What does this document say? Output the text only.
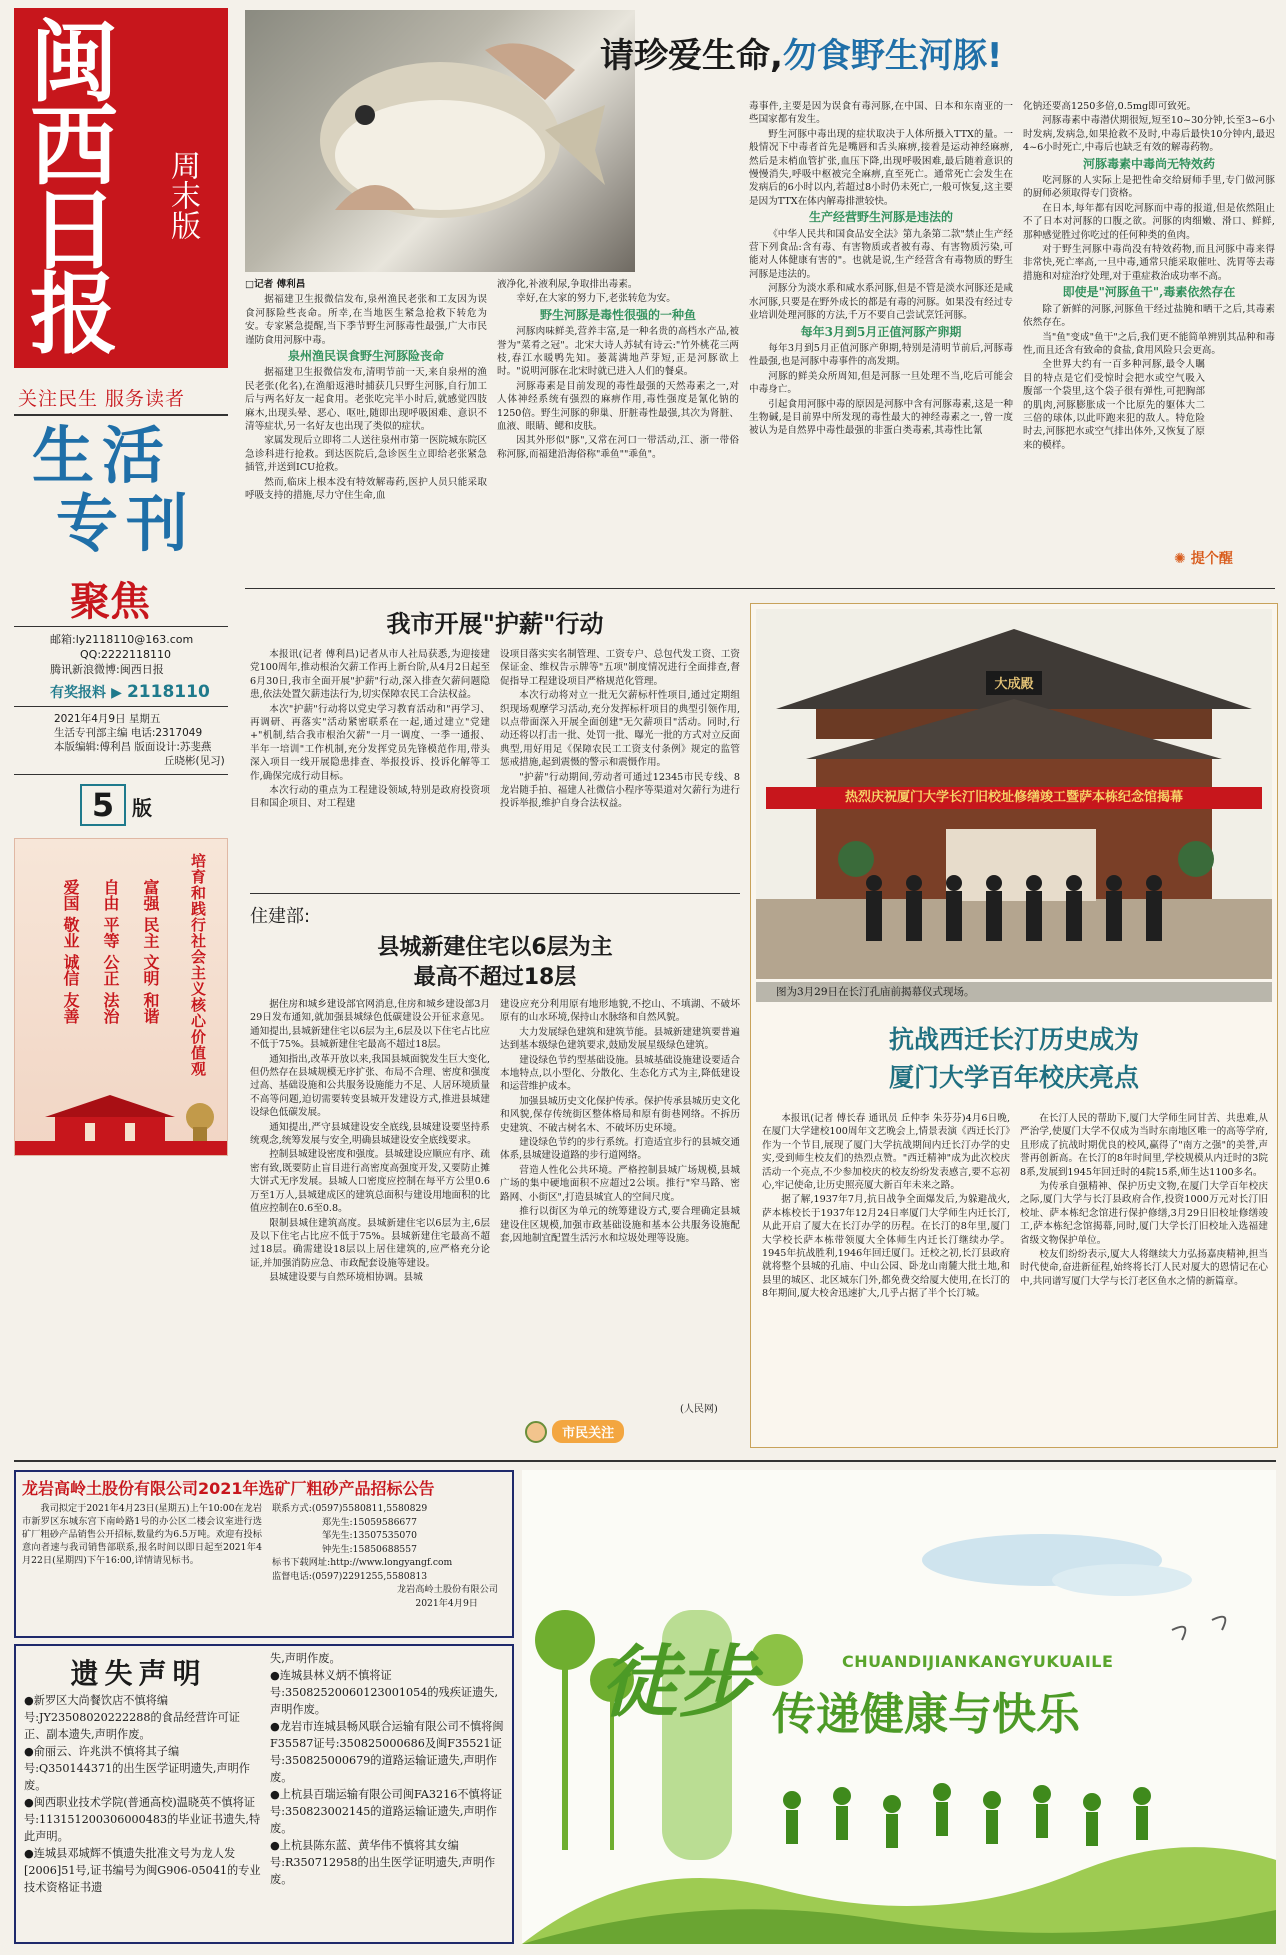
闽
西
日
报
周末版
关注民生 服务读者
生 活
专 刊
聚焦
邮箱:ly2118110@163.com
QQ:2222118110
腾讯新浪微博:闽西日报
有奖报料 ▶ 2118110
2021年4月9日 星期五
生活专刊部主编 电话:2317049
本版编辑:傅利昌 版面设计:苏斐燕
丘晓彬(见习)
5 版
培育和践行社会主义核心价值观
富强 民主 文明 和谐
自由 平等 公正 法治
爱国 敬业 诚信 友善
请珍爱生命,勿食野生河豚!
□记者 傅利昌

据福建卫生报微信发布,泉州渔民老张和工友因为误食河豚险些丧命。所幸,在当地医生紧急抢救下转危为安。专家紧急提醒,当下季节野生河豚毒性最强,广大市民谨防食用河豚中毒。

泉州渔民误食野生河豚险丧命

据福建卫生报微信发布,清明节前一天,来自泉州的渔民老张(化名),在渔船返港时捕获几只野生河豚,自行加工后与两名好友一起食用。老张吃完半小时后,就感觉四肢麻木,出现头晕、恶心、呕吐,随即出现呼吸困难、意识不清等症状,另一名好友也出现了类似的症状。

家属发现后立即将二人送往泉州市第一医院城东院区急诊科进行抢救。到达医院后,急诊医生立即给老张紧急插管,并送到ICU抢救。

然而,临床上根本没有特效解毒药,医护人员只能采取呼吸支持的措施,尽力守住生命,血

液净化,补液利尿,争取排出毒素。

幸好,在大家的努力下,老张转危为安。

野生河豚是毒性很强的一种鱼

河豚肉味鲜美,营养丰富,是一种名贵的高档水产品,被誉为"菜肴之冠"。北宋大诗人苏轼有诗云:"竹外桃花三两枝,春江水暖鸭先知。蒌蒿满地芦芽短,正是河豚欲上时。"说明河豚在北宋时就已进入人们的餐桌。

河豚毒素是目前发现的毒性最强的天然毒素之一,对人体神经系统有强烈的麻痹作用,毒性强度是氰化钠的1250倍。野生河豚的卵巢、肝脏毒性最强,其次为肾脏、血液、眼睛、鳃和皮肤。

因其外形似"豚",又常在河口一带活动,江、浙一带俗称河豚,而福建沿海俗称"乖鱼""乖鱼"。

毒事件,主要是因为误食有毒河豚,在中国、日本和东南亚的一些国家都有发生。

野生河豚中毒出现的症状取决于人体所摄入TTX的量。一般情况下中毒者首先是嘴唇和舌头麻痹,接着是运动神经麻痹,然后是末梢血管扩张,血压下降,出现呼吸困难,最后随着意识的慢慢消失,呼吸中枢被完全麻痹,直至死亡。通常死亡会发生在发病后的6小时以内,若超过8小时仍未死亡,一般可恢复,这主要是因为TTX在体内解毒排泄较快。

生产经营野生河豚是违法的

《中华人民共和国食品安全法》第九条第二款"禁止生产经营下列食品:含有毒、有害物质或者被有毒、有害物质污染,可能对人体健康有害的"。也就是说,生产经营含有毒物质的野生河豚是违法的。

河豚分为淡水系和咸水系河豚,但是不管是淡水河豚还是咸水河豚,只要是在野外成长的都是有毒的河豚。如果没有经过专业培训处理河豚的方法,千万不要自己尝试烹饪河豚。

每年3月到5月正值河豚产卵期

每年3月到5月正值河豚产卵期,特别是清明节前后,河豚毒性最强,也是河豚中毒事件的高发期。

河豚的鲜美众所周知,但是河豚一旦处理不当,吃后可能会中毒身亡。

引起食用河豚中毒的原因是河豚中含有河豚毒素,这是一种生物碱,是目前界中所发现的毒性最大的神经毒素之一,曾一度被认为是自然界中毒性最强的非蛋白类毒素,其毒性比氰

化钠还要高1250多倍,0.5mg即可致死。

河豚毒素中毒潜伏期很短,短至10~30分钟,长至3~6小时发病,发病急,如果抢救不及时,中毒后最快10分钟内,最迟4~6小时死亡,中毒后也缺乏有效的解毒药物。

河豚毒素中毒尚无特效药

吃河豚的人实际上是把性命交给厨师手里,专门做河豚的厨师必须取得专门资格。

在日本,每年都有因吃河豚而中毒的报道,但是依然阻止不了日本对河豚的口腹之欲。河豚的肉细嫩、滑口、鲜鲜,那种感觉胜过你吃过的任何种类的鱼肉。

对于野生河豚中毒尚没有特效药物,而且河豚中毒来得非常快,死亡率高,一旦中毒,通常只能采取催吐、洗胃等去毒措施和对症治疗处理,对于重症救治成功率不高。

即使是"河豚鱼干",毒素依然存在

除了新鲜的河豚,河豚鱼干经过盐腌和晒干之后,其毒素依然存在。

当"鱼"变成"鱼干"之后,我们更不能简单辨别其品种和毒性,而且还含有致命的食盐,食用风险只会更高。

全世界大约有一百多种河豚,最令人瞩目的特点是它们受惊时会把水或空气吸入腹部一个袋里,这个袋子很有弹性,可把胸部的肌肉,河豚膨胀成一个比原先的躯体大二三倍的球体,以此吓跑来犯的敌人。特危险时去,河豚把水或空气排出体外,又恢复了原来的模样。

✺ 提个醒
我市开展"护薪"行动

本报讯(记者 傅利昌)记者从市人社局获悉,为迎接建党100周年,推动根治欠薪工作再上新台阶,从4月2日起至6月30日,我市全面开展"护薪"行动,深入排查欠薪问题隐患,依法处置欠薪违法行为,切实保障农民工合法权益。

本次"护薪"行动将以党史学习教育活动和"再学习、再调研、再落实"活动紧密联系在一起,通过建立"党建+"机制,结合我市根治欠薪"一月一调度、一季一通报、半年一培训"工作机制,充分发挥党员先锋模范作用,带头深入项目一线开展隐患排查、举报投诉、投诉化解等工作,确保完成行动目标。

本次行动的重点为工程建设领域,特别是政府投资项目和国企项目、对工程建

设项目落实实名制管理、工资专户、总包代发工资、工资保证金、维权告示牌等"五项"制度情况进行全面排查,督促指导工程建设项目严格规范化管理。

本次行动将对立一批无欠薪标杆性项目,通过定期组织现场观摩学习活动,充分发挥标杆项目的典型引领作用,以点带面深入开展全面创建"无欠薪项目"活动。同时,行动还将以打击一批、处罚一批、曝光一批的方式对立反面典型,用好用足《保障农民工工资支付条例》规定的监管惩戒措施,起到震慑的警示和震慑作用。

"护薪"行动期间,劳动者可通过12345市民专线、8龙岩随手拍、福建人社微信小程序等渠道对欠薪行为进行投诉举报,维护自身合法权益。

住建部:
县城新建住宅以6层为主
最高不超过18层

据住房和城乡建设部官网消息,住房和城乡建设部3月29日发布通知,就加强县城绿色低碳建设公开征求意见。通知提出,县城新建住宅以6层为主,6层及以下住宅占比应不低于75%。县城新建住宅最高不超过18层。

通知指出,改革开放以来,我国县城面貌发生巨大变化,但仍然存在县城规模无序扩张、布局不合理、密度和强度过高、基础设施和公共服务设施能力不足、人居环境质量不高等问题,迫切需要转变县城开发建设方式,推进县城建设绿色低碳发展。

通知提出,严守县城建设安全底线,县城建设要坚持系统观念,统筹发展与安全,明确县城建设安全底线要求。

控制县城建设密度和强度。县城建设应顺应有序、疏密有致,既要防止盲目进行高密度高强度开发,又要防止摊大饼式无序发展。县城人口密度应控制在每平方公里0.6万至1万人,县城建成区的建筑总面积与建设用地面积的比值应控制在0.6至0.8。

限制县城住建筑高度。县城新建住宅以6层为主,6层及以下住宅占比应不低于75%。县城新建住宅最高不超过18层。确需建设18层以上居住建筑的,应严格充分论证,并加强消防应急、市政配套设施等建设。

县城建设要与自然环境相协调。县城

建设应充分利用原有地形地貌,不挖山、不填湖、不破坏原有的山水环境,保持山水脉络和自然风貌。

大力发展绿色建筑和建筑节能。县城新建建筑要普遍达到基本级绿色建筑要求,鼓励发展星级绿色建筑。

建设绿色节约型基础设施。县城基础设施建设要适合本地特点,以小型化、分散化、生态化方式为主,降低建设和运营维护成本。

加强县城历史文化保护传承。保护传承县城历史文化和风貌,保存传统街区整体格局和原有街巷网络。不拆历史建筑、不破古树名木、不破坏历史环境。

建设绿色节约的步行系统。打造适宜步行的县城交通体系,县城建设道路的步行道网络。

营造人性化公共环境。严格控制县城广场规模,县城广场的集中硬地面积不应超过2公顷。推行"窄马路、密路网、小街区",打造县城宜人的空间尺度。

推行以街区为单元的统筹建设方式,要合理确定县城建设住区规模,加强市政基础设施和基本公共服务设施配套,因地制宜配置生活污水和垃圾处理等设施。

(人民网)
市民关注
大成殿
热烈庆祝厦门大学长汀旧校址修缮竣工暨萨本栋纪念馆揭幕
图为3月29日在长汀孔庙前揭幕仪式现场。
抗战西迁长汀历史成为
厦门大学百年校庆亮点

本报讯(记者 傅长春 通讯员 丘仲李 朱芬芬)4月6日晚,在厦门大学建校100周年文艺晚会上,情景表演《西迁长汀》作为一个节目,展现了厦门大学抗战期间内迁长汀办学的史实,受到师生校友们的热烈点赞。"西迁精神"成为此次校庆活动一个亮点,不少参加校庆的校友纷纷发表感言,要不忘初心,牢记使命,让历史照亮厦大新百年未来之路。

据了解,1937年7月,抗日战争全面爆发后,为躲避战火,萨本栋校长于1937年12月24日率厦门大学师生内迁长汀,从此开启了厦大在长汀办学的历程。在长汀的8年里,厦门大学校长萨本栋带领厦大全体师生内迁长汀继续办学。1945年抗战胜利,1946年回迁厦门。迁校之初,长汀县政府就将整个县城的孔庙、中山公园、卧龙山南麓大批土地,和县里的城区、北区城东门外,都免费交给厦大使用,在长汀的8年期间,厦大校舍迅速扩大,几乎占据了半个长汀城。

在长汀人民的帮助下,厦门大学师生同甘苦、共患难,从严治学,使厦门大学不仅成为当时东南地区唯一的高等学府,且形成了抗战时期优良的校风,赢得了"南方之强"的美誉,声誉再创新高。在长汀的8年时间里,学校规模从内迁时的3院8系,发展到1945年回迁时的4院15系,师生达1100多名。

为传承自强精神、保护历史文物,在厦门大学百年校庆之际,厦门大学与长汀县政府合作,投资1000万元对长汀旧校址、萨本栋纪念馆进行保护修缮,3月29日旧校址修缮竣工,萨本栋纪念馆揭幕,同时,厦门大学长汀旧校址入选福建省级文物保护单位。

校友们纷纷表示,厦大人将继续大力弘扬嘉庚精神,担当时代使命,奋进新征程,始终将长汀人民对厦大的恩情记在心中,共同谱写厦门大学与长汀老区鱼水之情的新篇章。

龙岩高岭土股份有限公司2021年选矿厂粗砂产品招标公告
我司拟定于2021年4月23日(星期五)上午10:00在龙岩市新罗区东城东宫下南岭路1号的办公区二楼会议室进行选矿厂粗砂产品销售公开招标,数量约为6.5万吨。欢迎有投标意向者速与我司销售部联系,报名时间以即日起至2021年4月22日(星期四)下午16:00,详情请见标书。
联系方式:(0597)5580811,5580829
郑先生:15059586677
邹先生:13507535070
钟先生:15850688557
标书下载网址:http://www.longyangf.com
监督电话:(0597)2291255,5580813
龙岩高岭土股份有限公司
2021年4月9日
遗失声明
●新罗区大尚餐饮店不慎将编号:JY23508020222288的食品经营许可证正、副本遗失,声明作废。
●俞丽云、许兆洪不慎将其子编号:Q350144371的出生医学证明遗失,声明作废。
●闽西职业技术学院(普通高校)温晓英不慎将证号:113151200306000483的毕业证书遗失,特此声明。
●连城县邓城辉不慎遗失批准文号为龙人发[2006]51号,证书编号为闽G906-05041的专业技术资格证书遗
失,声明作废。
●连城县林义炳不慎将证号:35082520060123001054的残疾证遗失,声明作废。
●龙岩市连城县畅风联合运输有限公司不慎将闽F35587证号:350825000686及闽F35521证号:350825000679的道路运输证遗失,声明作废。
●上杭县百瑞运输有限公司闽FA3216不慎将证号:350823002145的道路运输证遗失,声明作废。
●上杭县陈东蓝、黄华伟不慎将其女编号:R350712958的出生医学证明遗失,声明作废。
徒步	CHUANDIJIANKANGYUKUAILE
传递健康与快乐
